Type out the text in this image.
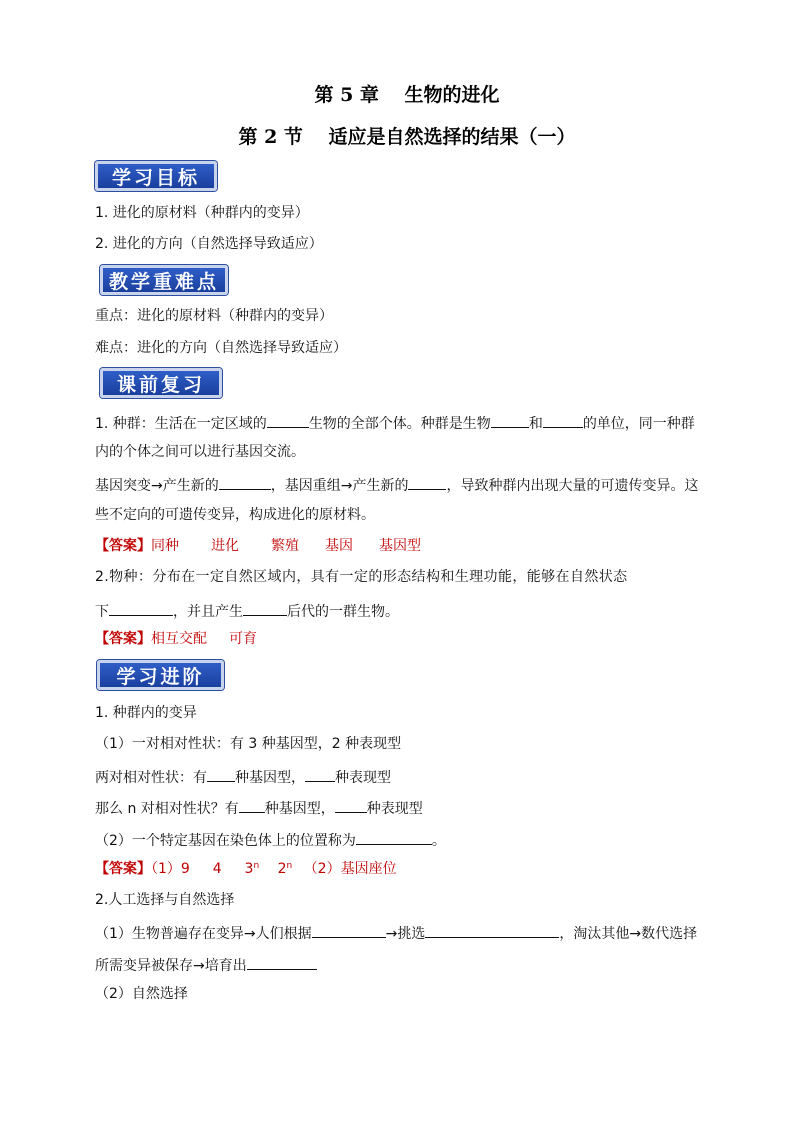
第 5 章 　生物的进化
第 2 节 　适应是自然选择的结果（一）
学习目标
1. 进化的原材料（种群内的变异）
2. 进化的方向（自然选择导致适应）
教学重难点
重点：进化的原材料（种群内的变异）
难点：进化的方向（自然选择导致适应）
课前复习
1. 种群：生活在一定区域的	生物的全部个体。种群是生物	和	的单位，同一种群
内的个体之间可以进行基因交流。
基因突变→产生新的	，基因重组→产生新的	，导致种群内出现大量的可遗传变异。这
些不定向的可遗传变异，构成进化的原材料。
【答案】同种 进化 繁殖 基因 基因型
2.物种：分布在一定自然区域内，具有一定的形态结构和生理功能，能够在自然状态
下	，并且产生	后代的一群生物。
【答案】相互交配 可育
学习进阶
1. 种群内的变异
（1）一对相对性状：有 3 种基因型，2 种表现型
两对相对性状：有 种基因型， 种表现型
那么 n 对相对性状？有 种基因型， 种表现型
（2）一个特定基因在染色体上的位置称为	。
【答案】（1）9 　 4 　 3$^n$ 　2$^n$ 　（2）基因座位
2.人工选择与自然选择
（1）生物普遍存在变异→人们根据	→挑选	，淘汰其他→数代选择
所需变异被保存→培育出
（2）自然选择
